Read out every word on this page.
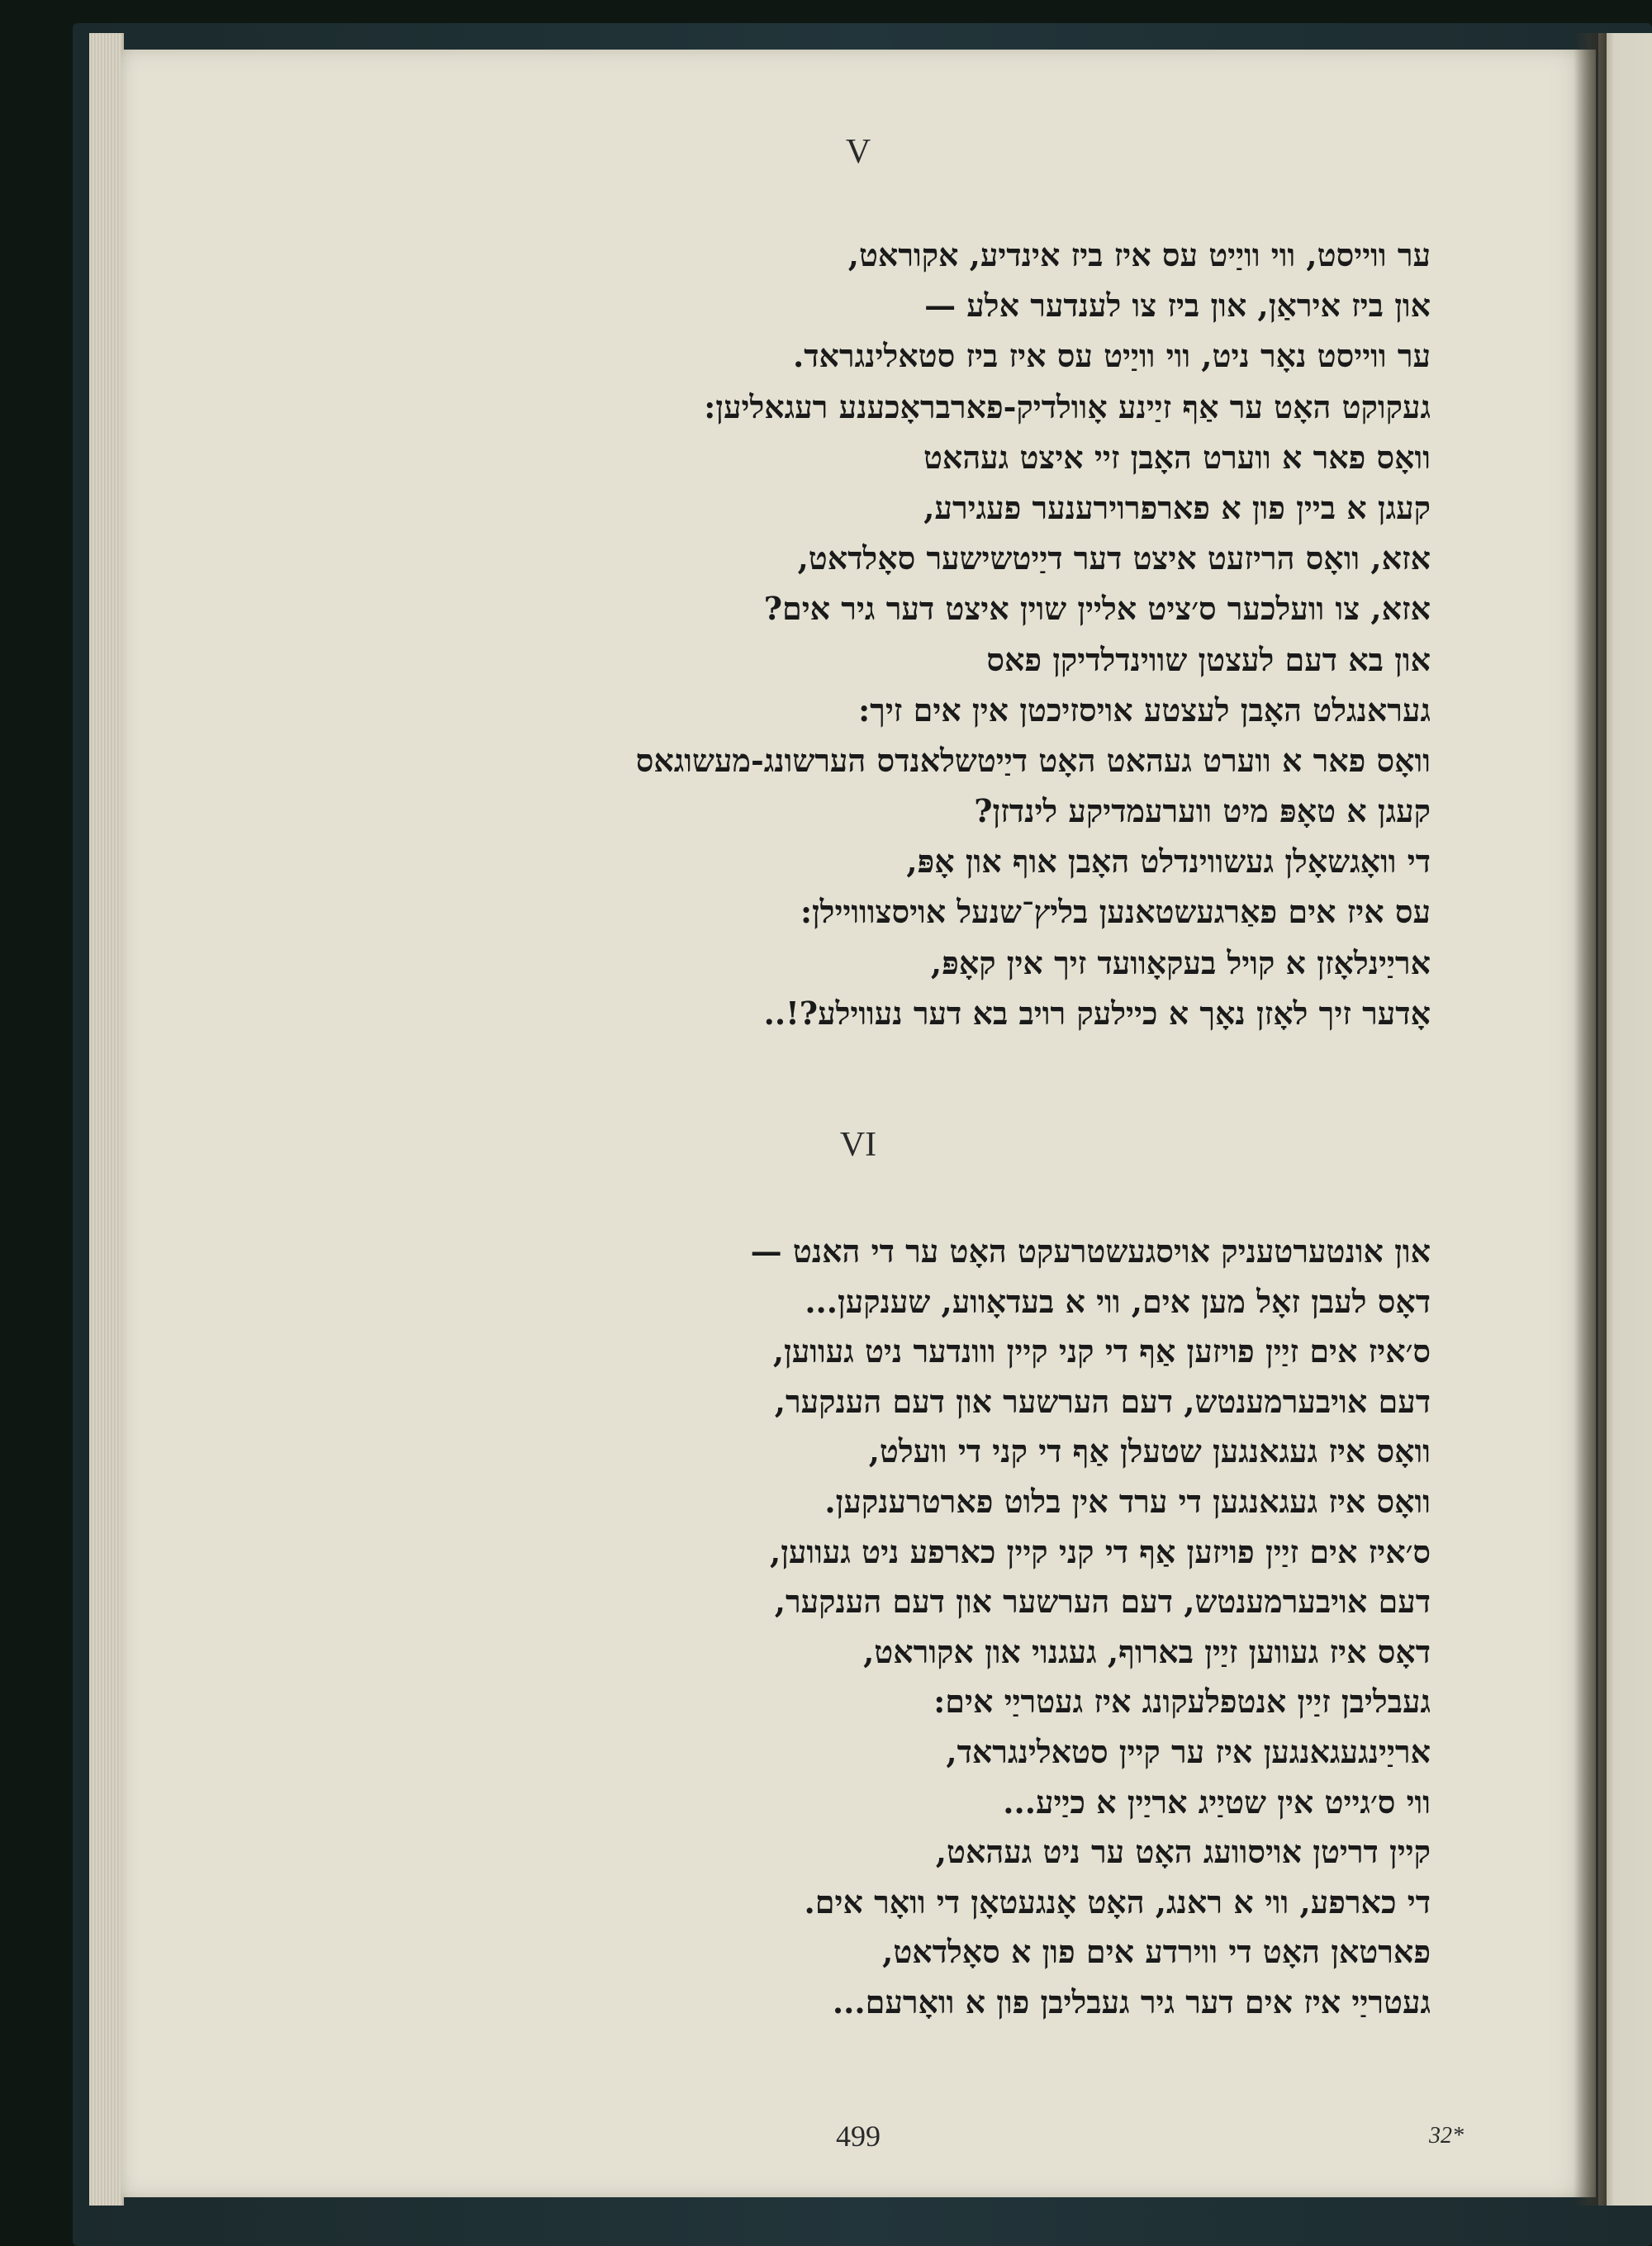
V
ער ווייסט, ווי וויַיט עס איז ביז אינדיע, אקוראט,
און ביז איראַן, און ביז צו לענדער אלע —
ער ווייסט נאָר ניט, ווי וויַיט עס איז ביז סטאלינגראד.
געקוקט האָט ער אַף זיַינע אָוולדיק-פארבראָכענע רעגאליען:
וואָס פאר א ווערט האָבן זיי איצט געהאט
קעגן א ביין פון א פארפרוירענער פעגירע,
אזא, וואָס הריזעט איצט דער דיַיטשישער סאָלדאט,
אזא, צו וועלכער ס׳ציט אליין שוין איצט דער גיר אים?
און בא דעם לעצטן שווינדלדיקן פאס
געראנגלט האָבן לעצטע אויסזיכטן אין אים זיך:
וואָס פאר א ווערט געהאט האָט דיַיטשלאנדס הערשונג-מעשוגאס
קעגן א טאָפּ מיט ווערעמדיקע לינדזן?
די וואָגשאָלן געשווינדלט האָבן אוף און אָפּ,
עס איז אים פאַרגעשטאנען בליץ־שנעל אויסצווויילן:
אריַינלאָזן א קויל בעקאָוועד זיך אין קאָפּ,
אָדער זיך לאָזן נאָך א כיילעק רויב בא דער נעווילע?!..
VI
און אונטערטעניק אויסגעשטרעקט האָט ער די האנט —
דאָס לעבן זאָל מען אים, ווי א בעדאָווע, שענקען...
ס׳איז אים זיַין פויזען אַף די קני קיין ווונדער ניט געווען,
דעם אויבערמענטש, דעם הערשער און דעם הענקער,
וואָס איז געגאנגען שטעלן אַף די קני די וועלט,
וואָס איז געגאנגען די ערד אין בלוט פארטרענקען.
ס׳איז אים זיַין פויזען אַף די קני קיין כארפע ניט געווען,
דעם אויבערמענטש, דעם הערשער און דעם הענקער,
דאָס איז געווען זיַין בארוף, געגנוי און אקוראט,
געבליבן זיַין אנטפלעקונג איז געטריַי אים:
אריַינגעגאנגען איז ער קיין סטאלינגראד,
ווי ס׳גייט אין שטיַיג אריַין א כיַיע...
קיין דריטן אויסוועג האָט ער ניט געהאט,
די כארפע, ווי א ראנג, האָט אָנגעטאָן די וואָר אים.
פארטאן האָט די ווירדע אים פון א סאָלדאט,
געטריַי איז אים דער גיר געבליבן פון א וואָרעם...
499	32*
